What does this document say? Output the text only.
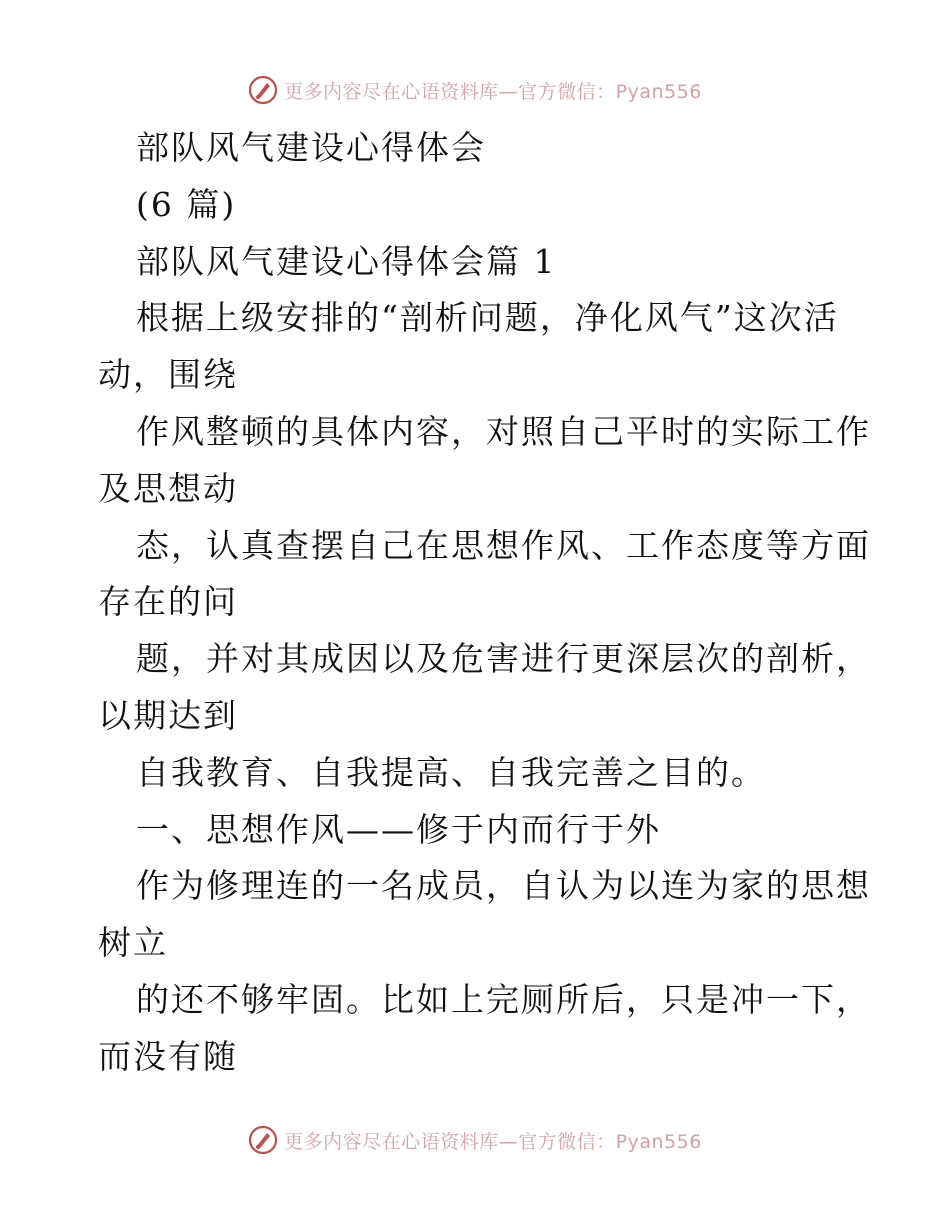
更多内容尽在心语资料库—官方微信：Pyan556
部队风气建设心得体会
(6 篇)
部队风气建设心得体会篇 1
根据上级安排的“剖析问题，净化风气”这次活
动，围绕
作风整顿的具体内容，对照自己平时的实际工作
及思想动
态，认真查摆自己在思想作风、工作态度等方面
存在的问
题，并对其成因以及危害进行更深层次的剖析，
以期达到
自我教育、自我提高、自我完善之目的。
一、思想作风——修于内而行于外
作为修理连的一名成员，自认为以连为家的思想
树立
的还不够牢固。比如上完厕所后，只是冲一下，
而没有随
更多内容尽在心语资料库—官方微信：Pyan556
